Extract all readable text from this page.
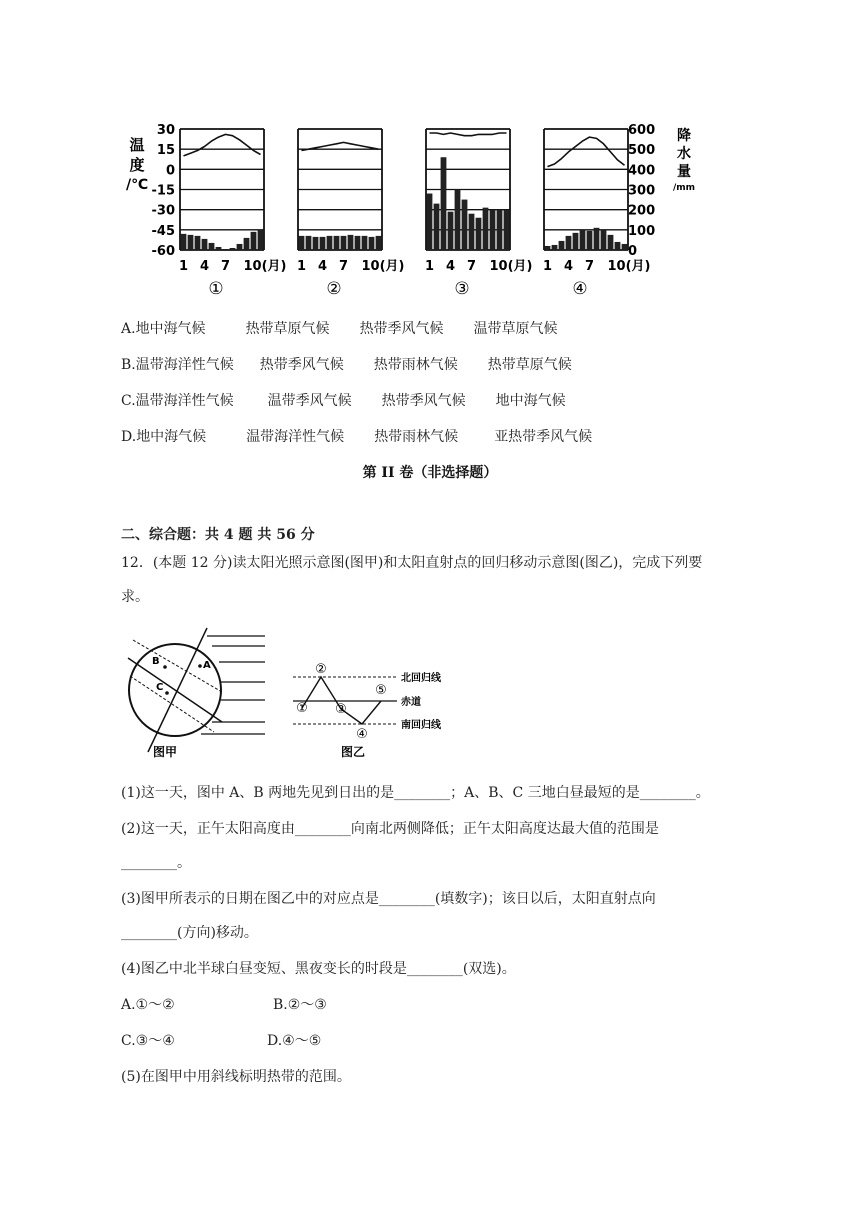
温
度
/℃
30
15
0
-15
-30
-45
-60
降
水
量
/mm
600
500
400
300
200
100
0
1 4 7 10(月)
①
1 4 7 10(月)
②
1 4 7 10(月)
③
1 4 7 10(月)
④
A.地中海气候	热带草原气候 热带季风气候 温带草原气候
B.温带海洋性气候 热带季风气候 热带雨林气候 热带草原气候
C.温带海洋性气候 温带季风气候 热带季风气候 地中海气候
D.地中海气候	温带海洋性气候 热带雨林气候	亚热带季风气候
第 II 卷（非选择题）
二、综合题：共 4 题 共 56 分
12．(本题 12 分)读太阳光照示意图(图甲)和太阳直射点的回归移动示意图(图乙)，完成下列要
求。
A
B
C
图甲
①
②
③
④
⑤
北回归线
赤道
南回归线
图乙
(1)这一天，图中 A、B 两地先见到日出的是________；A、B、C 三地白昼最短的是________。
(2)这一天，正午太阳高度由________向南北两侧降低；正午太阳高度达最大值的范围是
________。
(3)图甲所表示的日期在图乙中的对应点是________(填数字)；该日以后，太阳直射点向
________(方向)移动。
(4)图乙中北半球白昼变短、黑夜变长的时段是________(双选)。
A.①～②	B.②～③
C.③～④	D.④～⑤
(5)在图甲中用斜线标明热带的范围。
